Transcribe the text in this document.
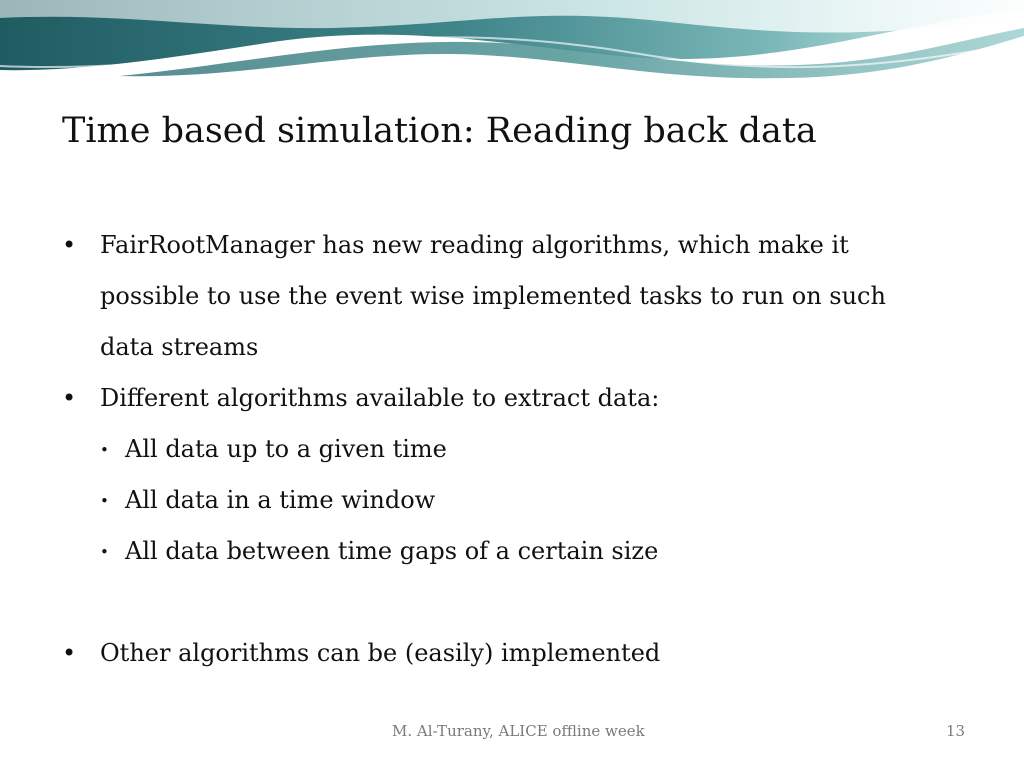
Time based simulation: Reading back data
• FairRootManager has new reading algorithms, which make it possible to use the event wise implemented tasks to run on such data streams
• Different algorithms available to extract data:
• All data up to a given time
• All data in a time window
• All data between time gaps of a certain size
• Other algorithms can be (easily) implemented
M. Al-Turany, ALICE offline week	13
